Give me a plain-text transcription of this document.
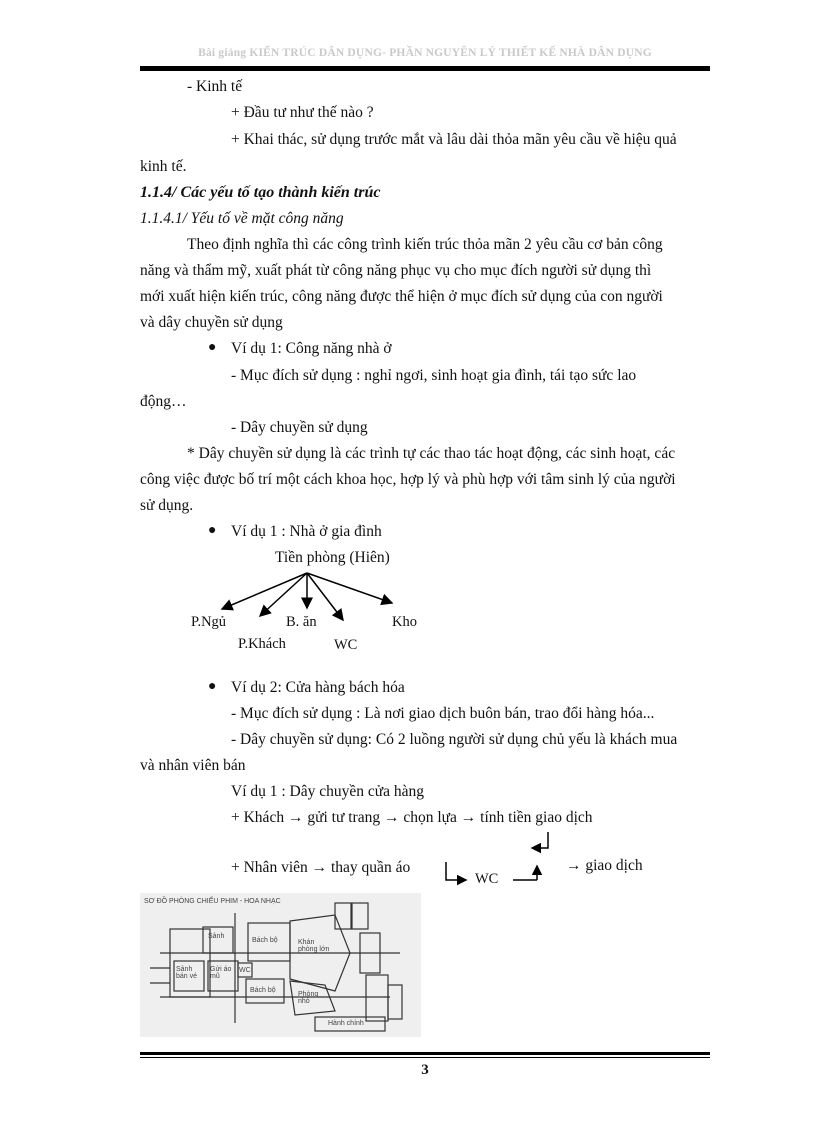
Bài giảng KIẾN TRÚC DÂN DỤNG- PHẦN NGUYÊN LÝ THIẾT KẾ NHÀ DÂN DỤNG
- Kinh tế
+ Đầu tư như thế nào ?
+ Khai thác, sử dụng trước mắt và lâu dài thỏa mãn yêu cầu về hiệu quả
kinh tế.
1.1.4/ Các yếu tố tạo thành kiến trúc
1.1.4.1/ Yếu tố về mặt công năng
Theo định nghĩa thì các công trình kiến trúc thỏa mãn 2 yêu cầu cơ bản công
năng và thẩm mỹ, xuất phát từ công năng phục vụ cho mục đích người sử dụng thì
mới xuất hiện kiến trúc, công năng được thể hiện ở mục đích sử dụng của con người
và dây chuyền sử dụng
● Ví dụ 1: Công năng nhà ở
- Mục đích sử dụng : nghỉ ngơi, sinh hoạt gia đình, tái tạo sức lao
động…
- Dây chuyền sử dụng
* Dây chuyền sử dụng là các trình tự các thao tác hoạt động, các sinh hoạt, các
công việc được bố trí một cách khoa học, hợp lý và phù hợp với tâm sinh lý của người
sử dụng.
● Ví dụ 1 : Nhà ở gia đình
Tiền phòng (Hiên)
P.Ngủ
P.Khách
B. ăn
WC
Kho
● Ví dụ 2: Cửa hàng bách hóa
- Mục đích sử dụng : Là nơi giao dịch buôn bán, trao đổi hàng hóa...
- Dây chuyền sử dụng: Có 2 luồng người sử dụng chủ yếu là khách mua
và nhân viên bán
Ví dụ 1 : Dây chuyền cửa hàng
+ Khách → gửi tư trang → chọn lựa → tính tiền giao dịch
+ Nhân viên → thay quần áo
WC
→ giao dịch
SƠ ĐỒ PHÒNG CHIẾU PHIM - HOA NHẠC
Sảnh
Sảnh bán vé
Gửi áo mũ
WC
Bách bộ
Bách bộ
Khán phòng lớn
Phòng nhỏ
Hành chính
3
